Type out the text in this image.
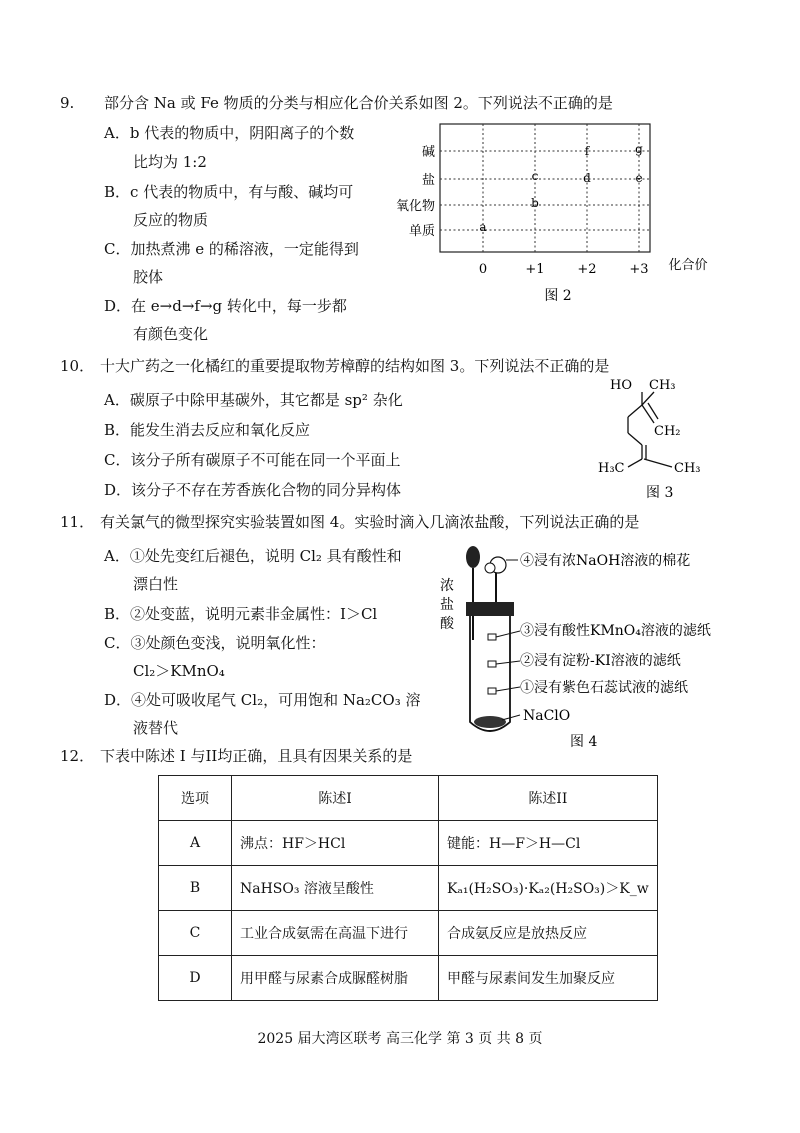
9. 部分含 Na 或 Fe 物质的分类与相应化合价关系如图 2。下列说法不正确的是
A．b 代表的物质中，阴阳离子的个数
比均为 1:2
B．c 代表的物质中，有与酸、碱均可
反应的物质
C．加热煮沸 e 的稀溶液，一定能得到
胶体
D．在 e→d→f→g 转化中，每一步都
有颜色变化
碱
盐
氧化物
单质	a
b
c	d	e
f	g
0	+1	+2	+3 化合价
图 2
10． 十大广药之一化橘红的重要提取物芳樟醇的结构如图 3。下列说法不正确的是
A．碳原子中除甲基碳外，其它都是 sp² 杂化
B．能发生消去反应和氧化反应
C．该分子所有碳原子不可能在同一个平面上
D．该分子不存在芳香族化合物的同分异构体
HO CH₃
CH₂
H₃C	CH₃
图 3
11． 有关氯气的微型探究实验装置如图 4。实验时滴入几滴浓盐酸，下列说法正确的是
A．①处先变红后褪色，说明 Cl₂ 具有酸性和
漂白性
B．②处变蓝，说明元素非金属性：I＞Cl
C．③处颜色变浅，说明氧化性：
Cl₂＞KMnO₄
D．④处可吸收尾气 Cl₂，可用饱和 Na₂CO₃ 溶
液替代
浓
盐
酸
④浸有浓NaOH溶液的棉花
③浸有酸性KMnO₄溶液的滤纸
②浸有淀粉-KI溶液的滤纸
①浸有紫色石蕊试液的滤纸
NaClO
图 4
12． 下表中陈述 I 与II均正确，且具有因果关系的是
选项	陈述I	陈述II
A	沸点：HF＞HCl	键能：H—F＞H—Cl
B	NaHSO₃ 溶液呈酸性	Kₐ₁(H₂SO₃)·Kₐ₂(H₂SO₃)＞K_w
C	工业合成氨需在高温下进行	合成氨反应是放热反应
D	用甲醛与尿素合成脲醛树脂	甲醛与尿素间发生加聚反应
2025 届大湾区联考 高三化学 第 3 页 共 8 页
